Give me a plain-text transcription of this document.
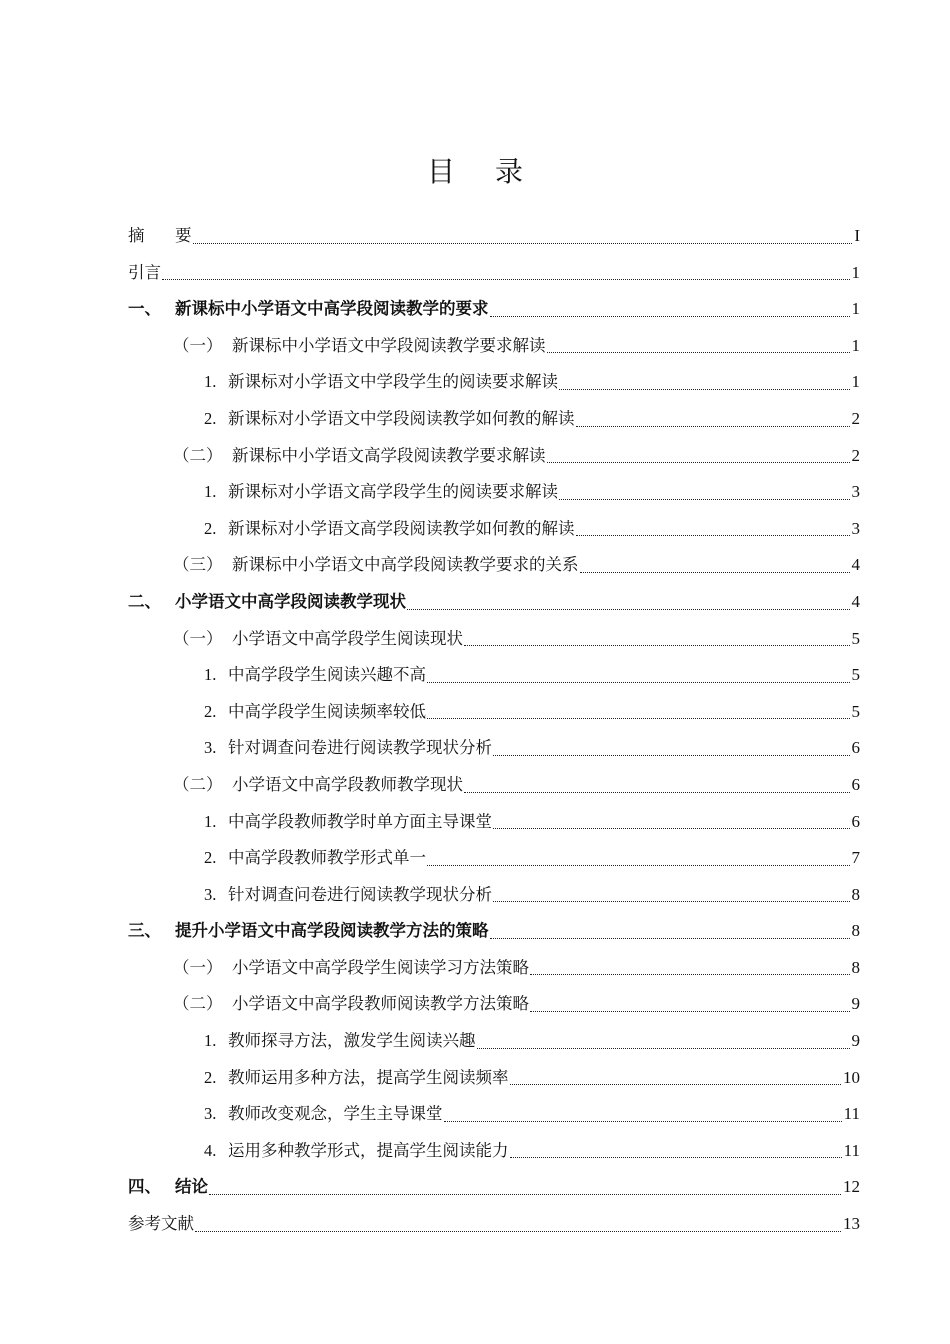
目 录
摘	要	I
引言	1
一、 新课标中小学语文中高学段阅读教学的要求	1
（一） 新课标中小学语文中学段阅读教学要求解读	1
1. 新课标对小学语文中学段学生的阅读要求解读	1
2. 新课标对小学语文中学段阅读教学如何教的解读	2
（二） 新课标中小学语文高学段阅读教学要求解读	2
1. 新课标对小学语文高学段学生的阅读要求解读	3
2. 新课标对小学语文高学段阅读教学如何教的解读	3
（三） 新课标中小学语文中高学段阅读教学要求的关系	4
二、 小学语文中高学段阅读教学现状	4
（一） 小学语文中高学段学生阅读现状	5
1. 中高学段学生阅读兴趣不高	5
2. 中高学段学生阅读频率较低	5
3. 针对调查问卷进行阅读教学现状分析	6
（二） 小学语文中高学段教师教学现状	6
1. 中高学段教师教学时单方面主导课堂	6
2. 中高学段教师教学形式单一	7
3. 针对调查问卷进行阅读教学现状分析	8
三、 提升小学语文中高学段阅读教学方法的策略	8
（一） 小学语文中高学段学生阅读学习方法策略	8
（二） 小学语文中高学段教师阅读教学方法策略	9
1. 教师探寻方法，激发学生阅读兴趣	9
2. 教师运用多种方法，提高学生阅读频率	10
3. 教师改变观念，学生主导课堂	11
4. 运用多种教学形式，提高学生阅读能力	11
四、 结论	12
参考文献	13
